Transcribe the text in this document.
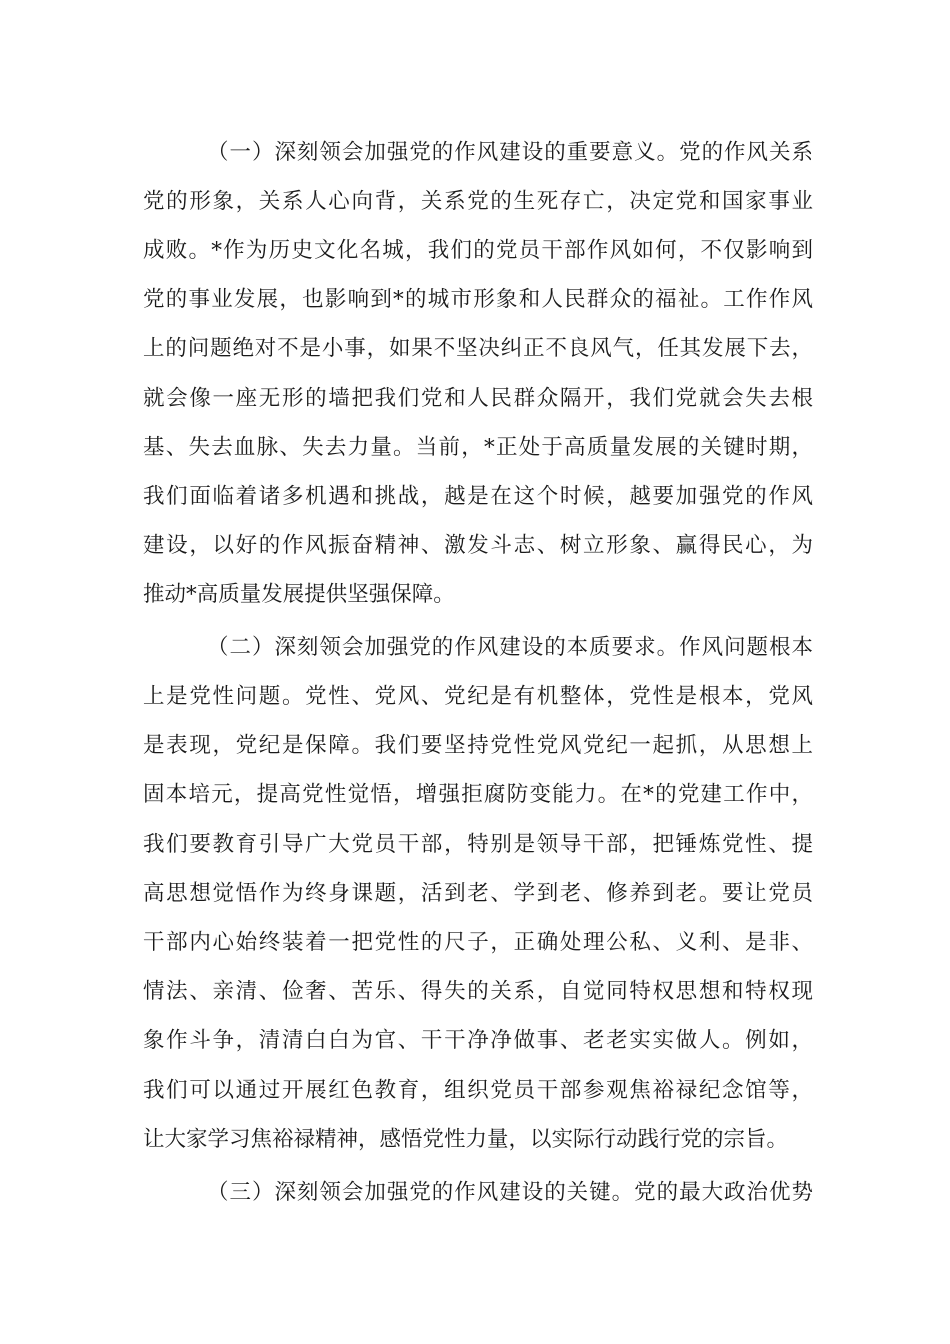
（一）深刻领会加强党的作风建设的重要意义。党的作风关系
党的形象，关系人心向背，关系党的生死存亡，决定党和国家事业
成败。*作为历史文化名城，我们的党员干部作风如何，不仅影响到
党的事业发展，也影响到*的城市形象和人民群众的福祉。工作作风
上的问题绝对不是小事，如果不坚决纠正不良风气，任其发展下去，
就会像一座无形的墙把我们党和人民群众隔开，我们党就会失去根
基、失去血脉、失去力量。当前，*正处于高质量发展的关键时期，
我们面临着诸多机遇和挑战，越是在这个时候，越要加强党的作风
建设，以好的作风振奋精神、激发斗志、树立形象、赢得民心，为
推动*高质量发展提供坚强保障。
（二）深刻领会加强党的作风建设的本质要求。作风问题根本
上是党性问题。党性、党风、党纪是有机整体，党性是根本，党风
是表现，党纪是保障。我们要坚持党性党风党纪一起抓，从思想上
固本培元，提高党性觉悟，增强拒腐防变能力。在*的党建工作中，
我们要教育引导广大党员干部，特别是领导干部，把锤炼党性、提
高思想觉悟作为终身课题，活到老、学到老、修养到老。要让党员
干部内心始终装着一把党性的尺子，正确处理公私、义利、是非、
情法、亲清、俭奢、苦乐、得失的关系，自觉同特权思想和特权现
象作斗争，清清白白为官、干干净净做事、老老实实做人。例如，
我们可以通过开展红色教育，组织党员干部参观焦裕禄纪念馆等，
让大家学习焦裕禄精神，感悟党性力量，以实际行动践行党的宗旨。
（三）深刻领会加强党的作风建设的关键。党的最大政治优势
